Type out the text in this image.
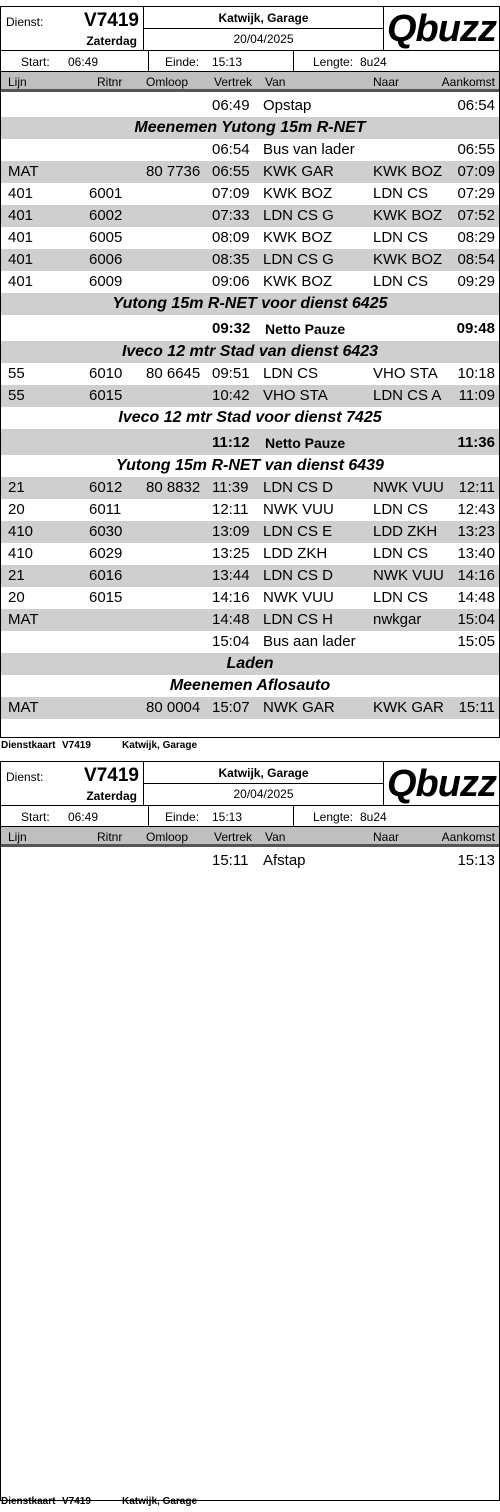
Dienst: V7419
Zaterdag
Katwijk, Garage
20/04/2025	Qbuzz
Start: 06:49	Einde: 15:13	Lengte: 8u24
Lijn	Ritnr Omloop Vertrek Van	Naar	Aankomst
06:49 Opstap	06:54
Meenemen Yutong 15m R-NET
06:54 Bus van lader	06:55
MAT	80 7736 06:55 KWK GAR	KWK BOZ 07:09
401	6001	07:09 KWK BOZ	LDN CS 07:29
401	6002	07:33 LDN CS G	KWK BOZ 07:52
401	6005	08:09 KWK BOZ	LDN CS 08:29
401	6006	08:35 LDN CS G	KWK BOZ 08:54
401	6009	09:06 KWK BOZ	LDN CS 09:29
Yutong 15m R-NET voor dienst 6425
09:32 Netto Pauze	09:48
Iveco 12 mtr Stad van dienst 6423
55	6010 80 6645 09:51 LDN CS	VHO STA 10:18
55	6015	10:42 VHO STA	LDN CS A 11:09
Iveco 12 mtr Stad voor dienst 7425
11:12 Netto Pauze	11:36
Yutong 15m R-NET van dienst 6439
21	6012 80 8832 11:39 LDN CS D	NWK VUU 12:11
20	6011	12:11 NWK VUU	LDN CS 12:43
410	6030	13:09 LDN CS E	LDD ZKH 13:23
410	6029	13:25 LDD ZKH	LDN CS 13:40
21	6016	13:44 LDN CS D	NWK VUU 14:16
20	6015	14:16 NWK VUU	LDN CS 14:48
MAT	14:48 LDN CS H	nwkgar 15:04
15:04 Bus aan lader	15:05
Laden
Meenemen Aflosauto
MAT	80 0004 15:07 NWK GAR	KWK GAR 15:11
Dienstkaart V7419	Katwijk, Garage
Dienst: V7419
Zaterdag
Katwijk, Garage
20/04/2025	Qbuzz
Start: 06:49	Einde: 15:13	Lengte: 8u24
Lijn	Ritnr Omloop Vertrek Van	Naar	Aankomst
15:11 Afstap	15:13
Dienstkaart V7419	Katwijk, Garage
